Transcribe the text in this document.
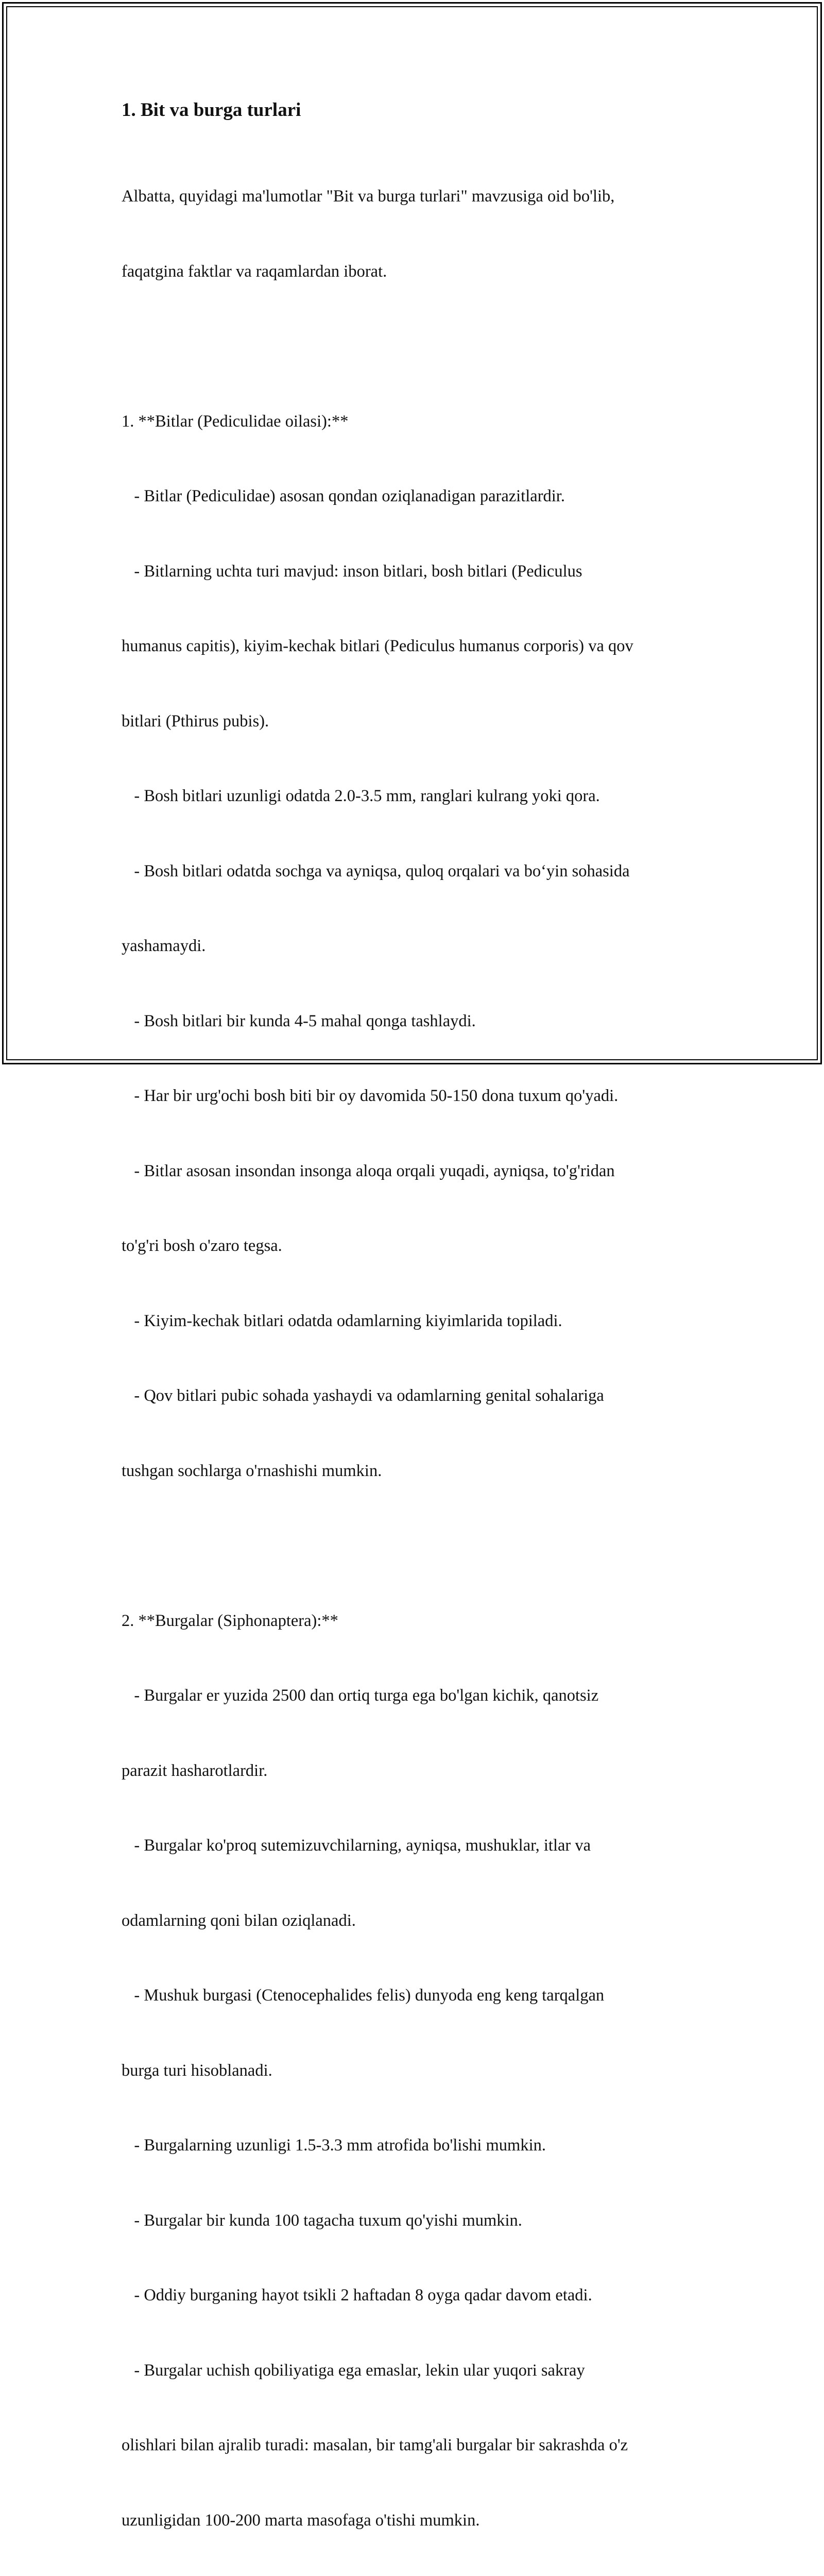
1. Bit va burga turlari

Albatta, quyidagi ma'lumotlar "Bit va burga turlari" mavzusiga oid bo'lib,

faqatgina faktlar va raqamlardan iborat.

1. **Bitlar (Pediculidae oilasi):**

- Bitlar (Pediculidae) asosan qondan oziqlanadigan parazitlardir.

- Bitlarning uchta turi mavjud: inson bitlari, bosh bitlari (Pediculus

humanus capitis), kiyim-kechak bitlari (Pediculus humanus corporis) va qov

bitlari (Pthirus pubis).

- Bosh bitlari uzunligi odatda 2.0-3.5 mm, ranglari kulrang yoki qora.

- Bosh bitlari odatda sochga va ayniqsa, quloq orqalari va bo‘yin sohasida

yashamaydi.

- Bosh bitlari bir kunda 4-5 mahal qonga tashlaydi.

- Har bir urg'ochi bosh biti bir oy davomida 50-150 dona tuxum qo'yadi.

- Bitlar asosan insondan insonga aloqa orqali yuqadi, ayniqsa, to'g'ridan

to'g'ri bosh o'zaro tegsa.

- Kiyim-kechak bitlari odatda odamlarning kiyimlarida topiladi.

- Qov bitlari pubic sohada yashaydi va odamlarning genital sohalariga

tushgan sochlarga o'rnashishi mumkin.

2. **Burgalar (Siphonaptera):**

- Burgalar er yuzida 2500 dan ortiq turga ega bo'lgan kichik, qanotsiz

parazit hasharotlardir.

- Burgalar ko'proq sutemizuvchilarning, ayniqsa, mushuklar, itlar va

odamlarning qoni bilan oziqlanadi.

- Mushuk burgasi (Ctenocephalides felis) dunyoda eng keng tarqalgan

burga turi hisoblanadi.

- Burgalarning uzunligi 1.5-3.3 mm atrofida bo'lishi mumkin.

- Burgalar bir kunda 100 tagacha tuxum qo'yishi mumkin.

- Oddiy burganing hayot tsikli 2 haftadan 8 oyga qadar davom etadi.

- Burgalar uchish qobiliyatiga ega emaslar, lekin ular yuqori sakray

olishlari bilan ajralib turadi: masalan, bir tamg'ali burgalar bir sakrashda o'z

uzunligidan 100-200 marta masofaga o'tishi mumkin.
